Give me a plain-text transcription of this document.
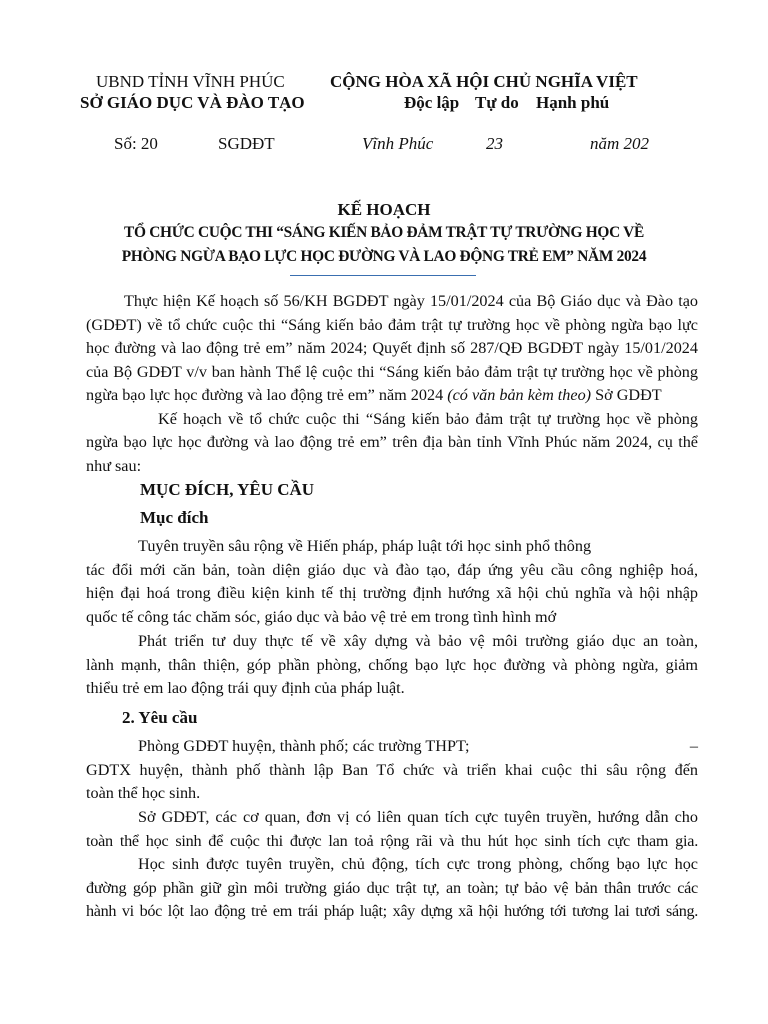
UBND TỈNH VĨNH PHÚC
SỞ GIÁO DỤC VÀ ĐÀO TẠO
CỘNG HÒA XÃ HỘI CHỦ NGHĨA VIỆT
Độc lập Tự do Hạnh phú
Số: 20	SGDĐT	Vĩnh Phúc	23	năm 202
KẾ HOẠCH
TỔ CHỨC CUỘC THI “SÁNG KIẾN BẢO ĐẢM TRẬT TỰ TRƯỜNG HỌC VỀ
PHÒNG NGỪA BẠO LỰC HỌC ĐƯỜNG VÀ LAO ĐỘNG TRẺ EM” NĂM 2024
Thực hiện Kế hoạch số 56/KH BGDĐT ngày 15/01/2024 của Bộ Giáo dục và Đào tạo
(GDĐT) về tổ chức cuộc thi “Sáng kiến bảo đảm trật tự trường học về phòng ngừa bạo lực
học đường và lao động trẻ em” năm 2024; Quyết định số 287/QĐ BGDĐT ngày 15/01/2024
của Bộ GDĐT v/v ban hành Thể lệ cuộc thi “Sáng kiến bảo đảm trật tự trường học về phòng
ngừa bạo lực học đường và lao động trẻ em” năm 2024 (có văn bản kèm theo) Sở GDĐT
Kế hoạch về tổ chức cuộc thi “Sáng kiến bảo đảm trật tự trường học về phòng
ngừa bạo lực học đường và lao động trẻ em” trên địa bàn tỉnh Vĩnh Phúc năm 2024, cụ thể
như sau:
MỤC ĐÍCH, YÊU CẦU
Mục đích
Tuyên truyền sâu rộng về Hiến pháp, pháp luật tới học sinh phổ thông
tác đổi mới căn bản, toàn diện giáo dục và đào tạo, đáp ứng yêu cầu công nghiệp hoá,
hiện đại hoá trong điều kiện kinh tế thị trường định hướng xã hội chủ nghĩa và hội nhập
quốc tế công tác chăm sóc, giáo dục và bảo vệ trẻ em trong tình hình mớ
Phát triển tư duy thực tế về xây dựng và bảo vệ môi trường giáo dục an toàn,
lành mạnh, thân thiện, góp phần phòng, chống bạo lực học đường và phòng ngừa, giảm
thiểu trẻ em lao động trái quy định của pháp luật.
2. Yêu cầu
Phòng GDĐT huyện, thành phố; các trường THPT;	–
GDTX huyện, thành phố thành lập Ban Tổ chức và triển khai cuộc thi sâu rộng đến
toàn thể học sinh.
Sở GDĐT, các cơ quan, đơn vị có liên quan tích cực tuyên truyền, hướng dẫn cho
toàn thể học sinh để cuộc thi được lan toả rộng rãi và thu hút học sinh tích cực tham gia.
Học sinh được tuyên truyền, chủ động, tích cực trong phòng, chống bạo lực học
đường góp phần giữ gìn môi trường giáo dục trật tự, an toàn; tự bảo vệ bản thân trước các
hành vi bóc lột lao động trẻ em trái pháp luật; xây dựng xã hội hướng tới tương lai tươi sáng.
